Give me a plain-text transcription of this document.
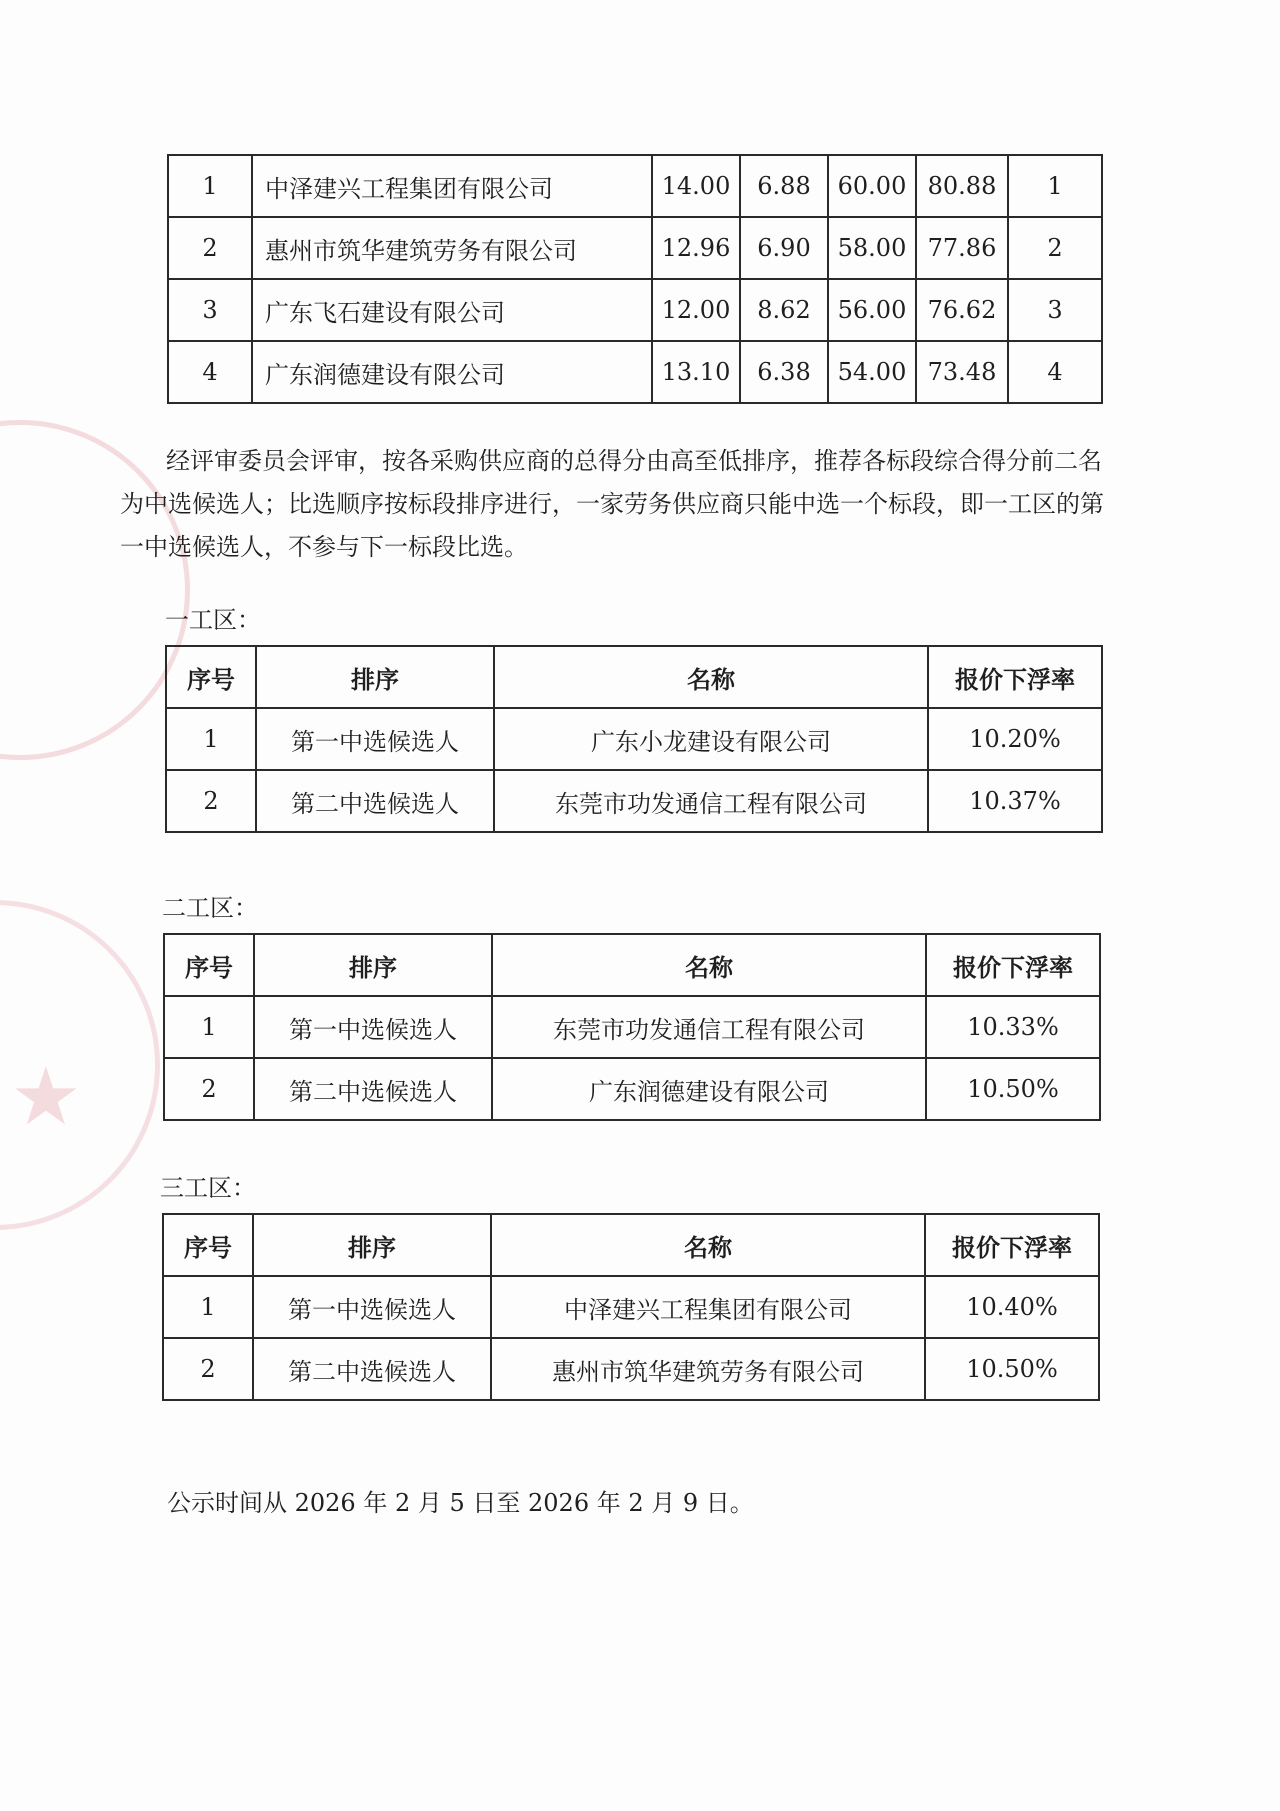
★
1	中泽建兴工程集团有限公司	14.00	6.88	60.00	80.88	1
2	惠州市筑华建筑劳务有限公司	12.96	6.90	58.00	77.86	2
3	广东飞石建设有限公司	12.00	8.62	56.00	76.62	3
4	广东润德建设有限公司	13.10	6.38	54.00	73.48	4
经评审委员会评审，按各采购供应商的总得分由高至低排序，推荐各标段综合得分前二名
为中选候选人；比选顺序按标段排序进行，一家劳务供应商只能中选一个标段，即一工区的第
一中选候选人，不参与下一标段比选。
一工区：
序号	排序	名称	报价下浮率
1	第一中选候选人	广东小龙建设有限公司	10.20%
2	第二中选候选人	东莞市功发通信工程有限公司	10.37%
二工区：
序号	排序	名称	报价下浮率
1	第一中选候选人	东莞市功发通信工程有限公司	10.33%
2	第二中选候选人	广东润德建设有限公司	10.50%
三工区：
序号	排序	名称	报价下浮率
1	第一中选候选人	中泽建兴工程集团有限公司	10.40%
2	第二中选候选人	惠州市筑华建筑劳务有限公司	10.50%
公示时间从 2026 年 2 月 5 日至 2026 年 2 月 9 日。
